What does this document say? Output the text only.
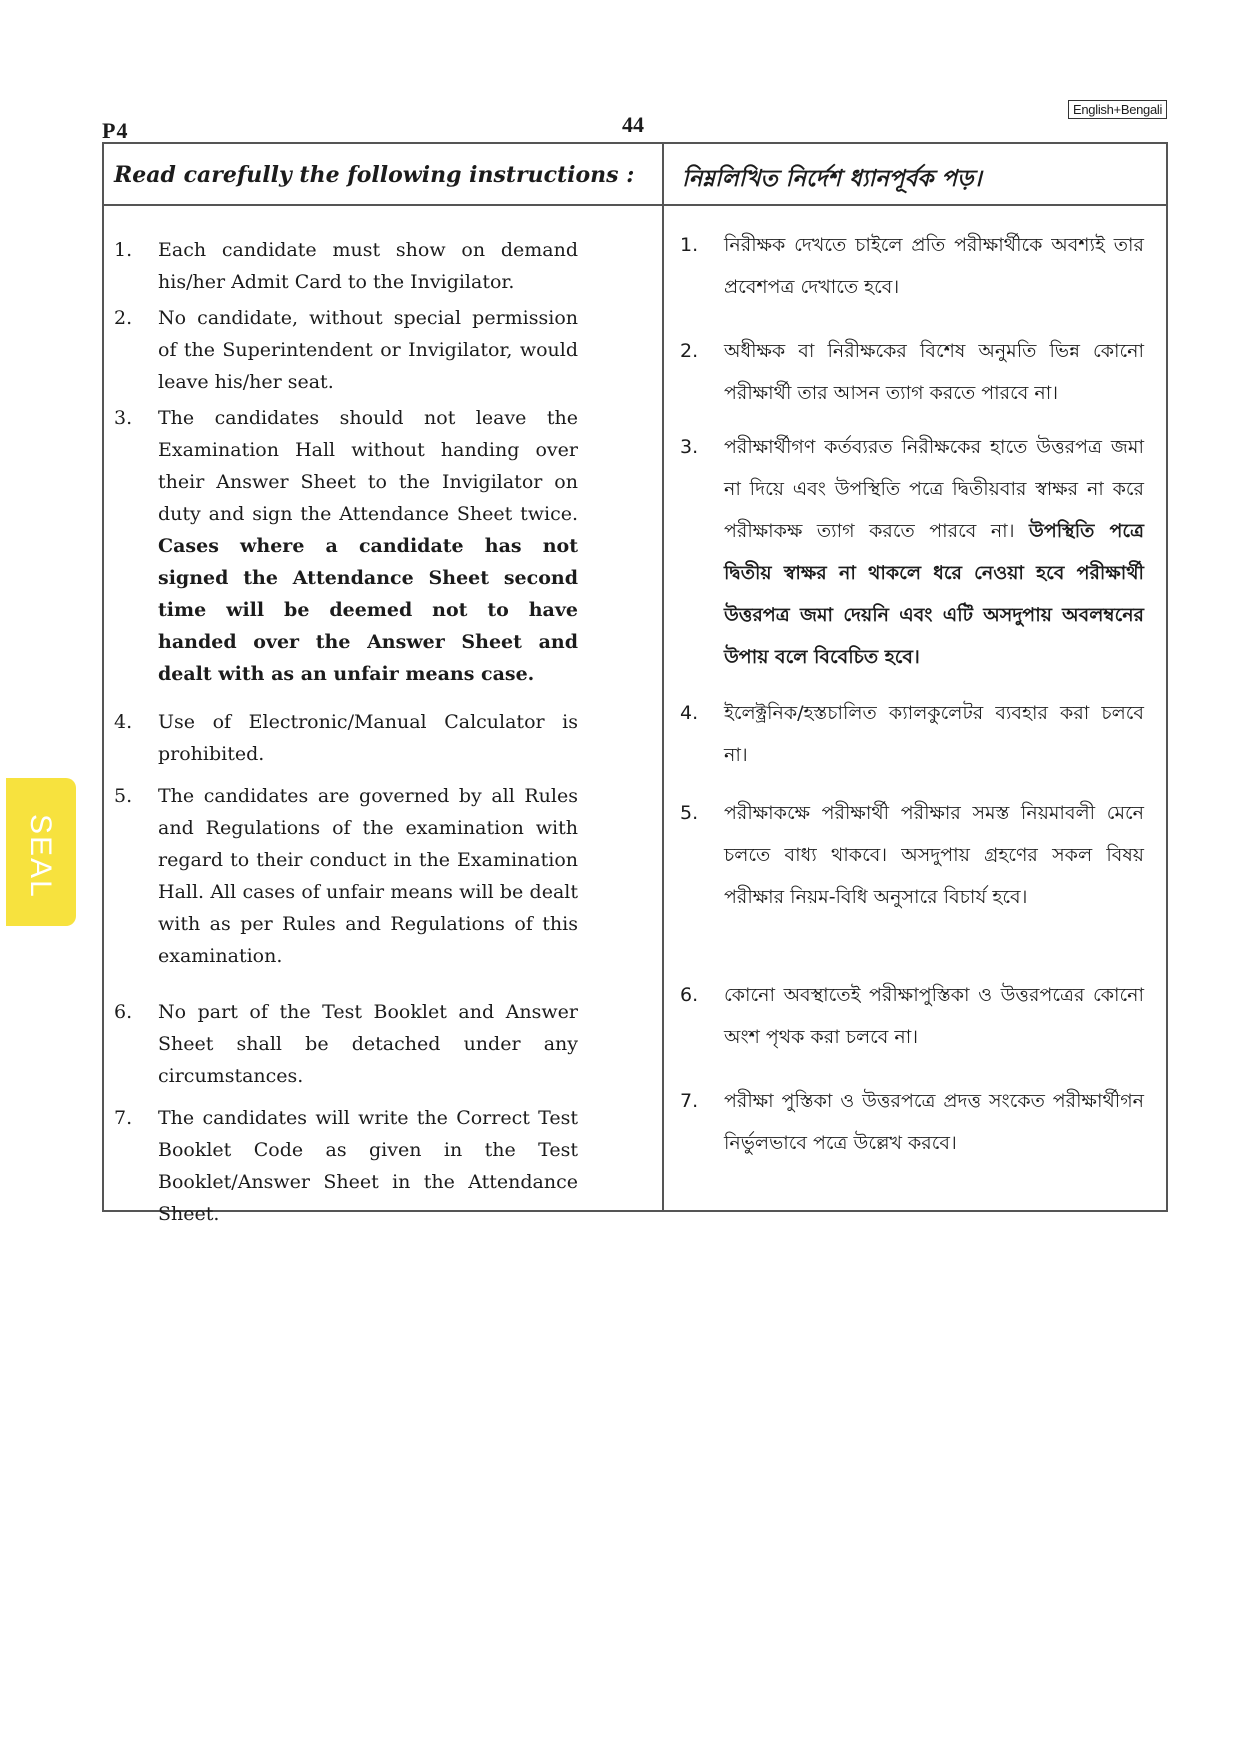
P4	44
English+Bengali
SEAL
Read carefully the following instructions : নিম্নলিখিত নির্দেশ ধ্যানপূর্বক পড়।
1. Each candidate must show on demand his/her Admit Card to the Invigilator.
2. No candidate, without special permission of the Superintendent or Invigilator, would leave his/her seat.
3. The candidates should not leave the Examination Hall without handing over their Answer Sheet to the Invigilator on duty and sign the Attendance Sheet twice. Cases where a candidate has not signed the Attendance Sheet second time will be deemed not to have handed over the Answer Sheet and dealt with as an unfair means case.
4. Use of Electronic/Manual Calculator is prohibited.
5. The candidates are governed by all Rules and Regulations of the examination with regard to their conduct in the Examination Hall. All cases of unfair means will be dealt with as per Rules and Regulations of this examination.
6. No part of the Test Booklet and Answer Sheet shall be detached under any circumstances.
7. The candidates will write the Correct Test Booklet Code as given in the Test Booklet/Answer Sheet in the Attendance Sheet.
1. নিরীক্ষক দেখতে চাইলে প্রতি পরীক্ষার্থীকে অবশ্যই তার প্রবেশপত্র দেখাতে হবে।
2. অধীক্ষক বা নিরীক্ষকের বিশেষ অনুমতি ভিন্ন কোনো পরীক্ষার্থী তার আসন ত্যাগ করতে পারবে না।
3. পরীক্ষার্থীগণ কর্তব্যরত নিরীক্ষকের হাতে উত্তরপত্র জমা না দিয়ে এবং উপস্থিতি পত্রে দ্বিতীয়বার স্বাক্ষর না করে পরীক্ষাকক্ষ ত্যাগ করতে পারবে না। উপস্থিতি পত্রে দ্বিতীয় স্বাক্ষর না থাকলে ধরে নেওয়া হবে পরীক্ষার্থী উত্তরপত্র জমা দেয়নি এবং এটি অসদুপায় অবলম্বনের উপায় বলে বিবেচিত হবে।
4. ইলেক্ট্রনিক/হস্তচালিত ক্যালকুলেটর ব্যবহার করা চলবে না।
5. পরীক্ষাকক্ষে পরীক্ষার্থী পরীক্ষার সমস্ত নিয়মাবলী মেনে চলতে বাধ্য থাকবে। অসদুপায় গ্রহণের সকল বিষয় পরীক্ষার নিয়ম-বিধি অনুসারে বিচার্য হবে।
6. কোনো অবস্থাতেই পরীক্ষাপুস্তিকা ও উত্তরপত্রের কোনো অংশ পৃথক করা চলবে না।
7. পরীক্ষা পুস্তিকা ও উত্তরপত্রে প্রদত্ত সংকেত পরীক্ষার্থীগন নির্ভুলভাবে পত্রে উল্লেখ করবে।
